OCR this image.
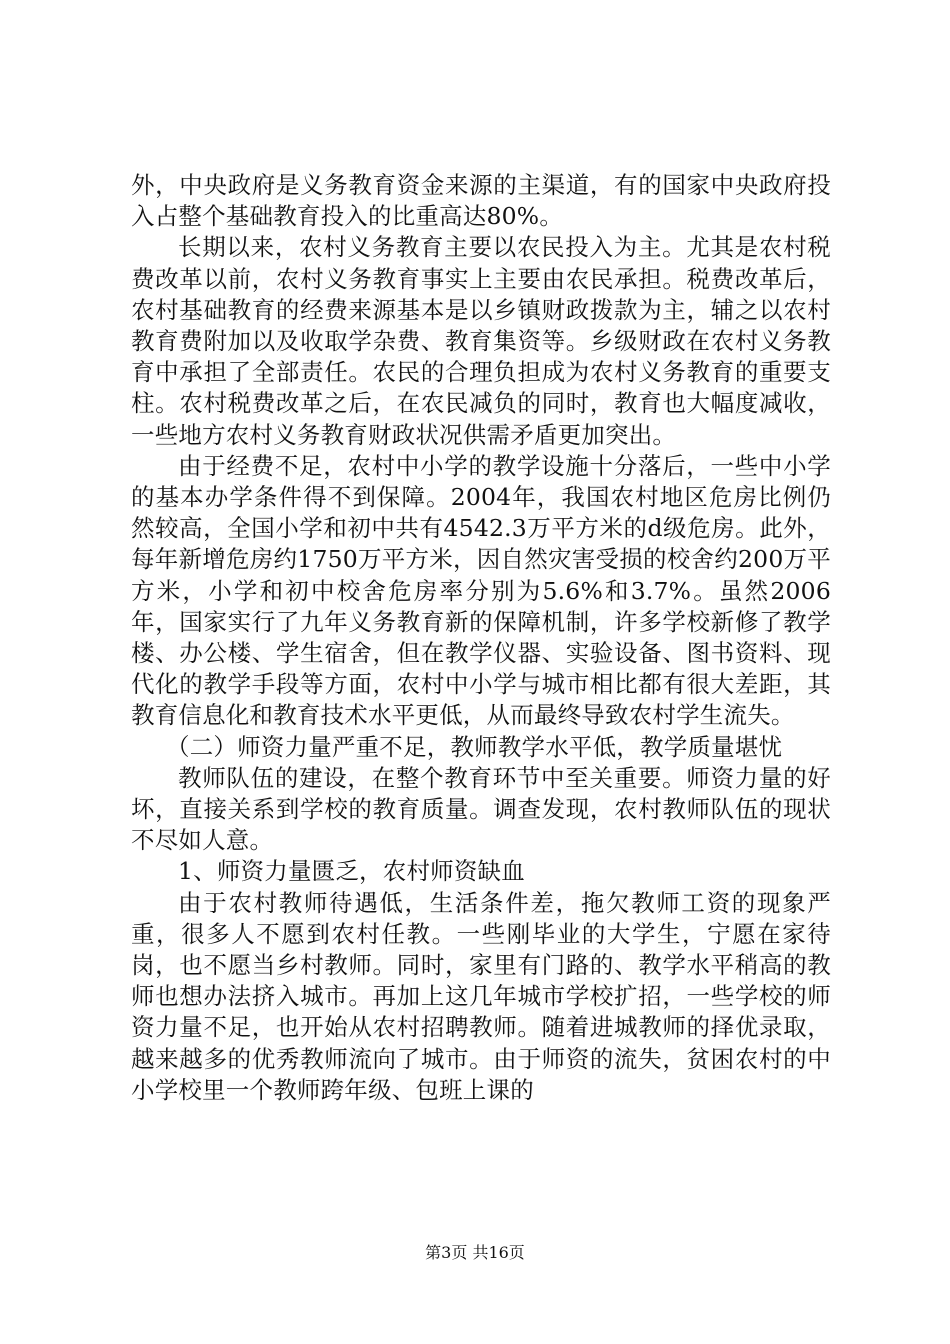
外，中央政府是义务教育资金来源的主渠道，有的国家中央政府投入占整个基础教育投入的比重高达80%。

长期以来，农村义务教育主要以农民投入为主。尤其是农村税费改革以前，农村义务教育事实上主要由农民承担。税费改革后，农村基础教育的经费来源基本是以乡镇财政拨款为主，辅之以农村教育费附加以及收取学杂费、教育集资等。乡级财政在农村义务教育中承担了全部责任。农民的合理负担成为农村义务教育的重要支柱。农村税费改革之后，在农民减负的同时，教育也大幅度减收，一些地方农村义务教育财政状况供需矛盾更加突出。

由于经费不足，农村中小学的教学设施十分落后，一些中小学的基本办学条件得不到保障。2004年，我国农村地区危房比例仍然较高，全国小学和初中共有4542.3万平方米的d级危房。此外，每年新增危房约1750万平方米，因自然灾害受损的校舍约200万平方米，小学和初中校舍危房率分别为5.6%和3.7%。虽然2006年，国家实行了九年义务教育新的保障机制，许多学校新修了教学楼、办公楼、学生宿舍，但在教学仪器、实验设备、图书资料、现代化的教学手段等方面，农村中小学与城市相比都有很大差距，其教育信息化和教育技术水平更低，从而最终导致农村学生流失。

（二）师资力量严重不足，教师教学水平低，教学质量堪忧

教师队伍的建设，在整个教育环节中至关重要。师资力量的好坏，直接关系到学校的教育质量。调查发现，农村教师队伍的现状不尽如人意。

1、师资力量匮乏，农村师资缺血

由于农村教师待遇低，生活条件差，拖欠教师工资的现象严重，很多人不愿到农村任教。一些刚毕业的大学生，宁愿在家待岗，也不愿当乡村教师。同时，家里有门路的、教学水平稍高的教师也想办法挤入城市。再加上这几年城市学校扩招，一些学校的师资力量不足，也开始从农村招聘教师。随着进城教师的择优录取，越来越多的优秀教师流向了城市。由于师资的流失，贫困农村的中小学校里一个教师跨年级、包班上课的

第3页 共16页
